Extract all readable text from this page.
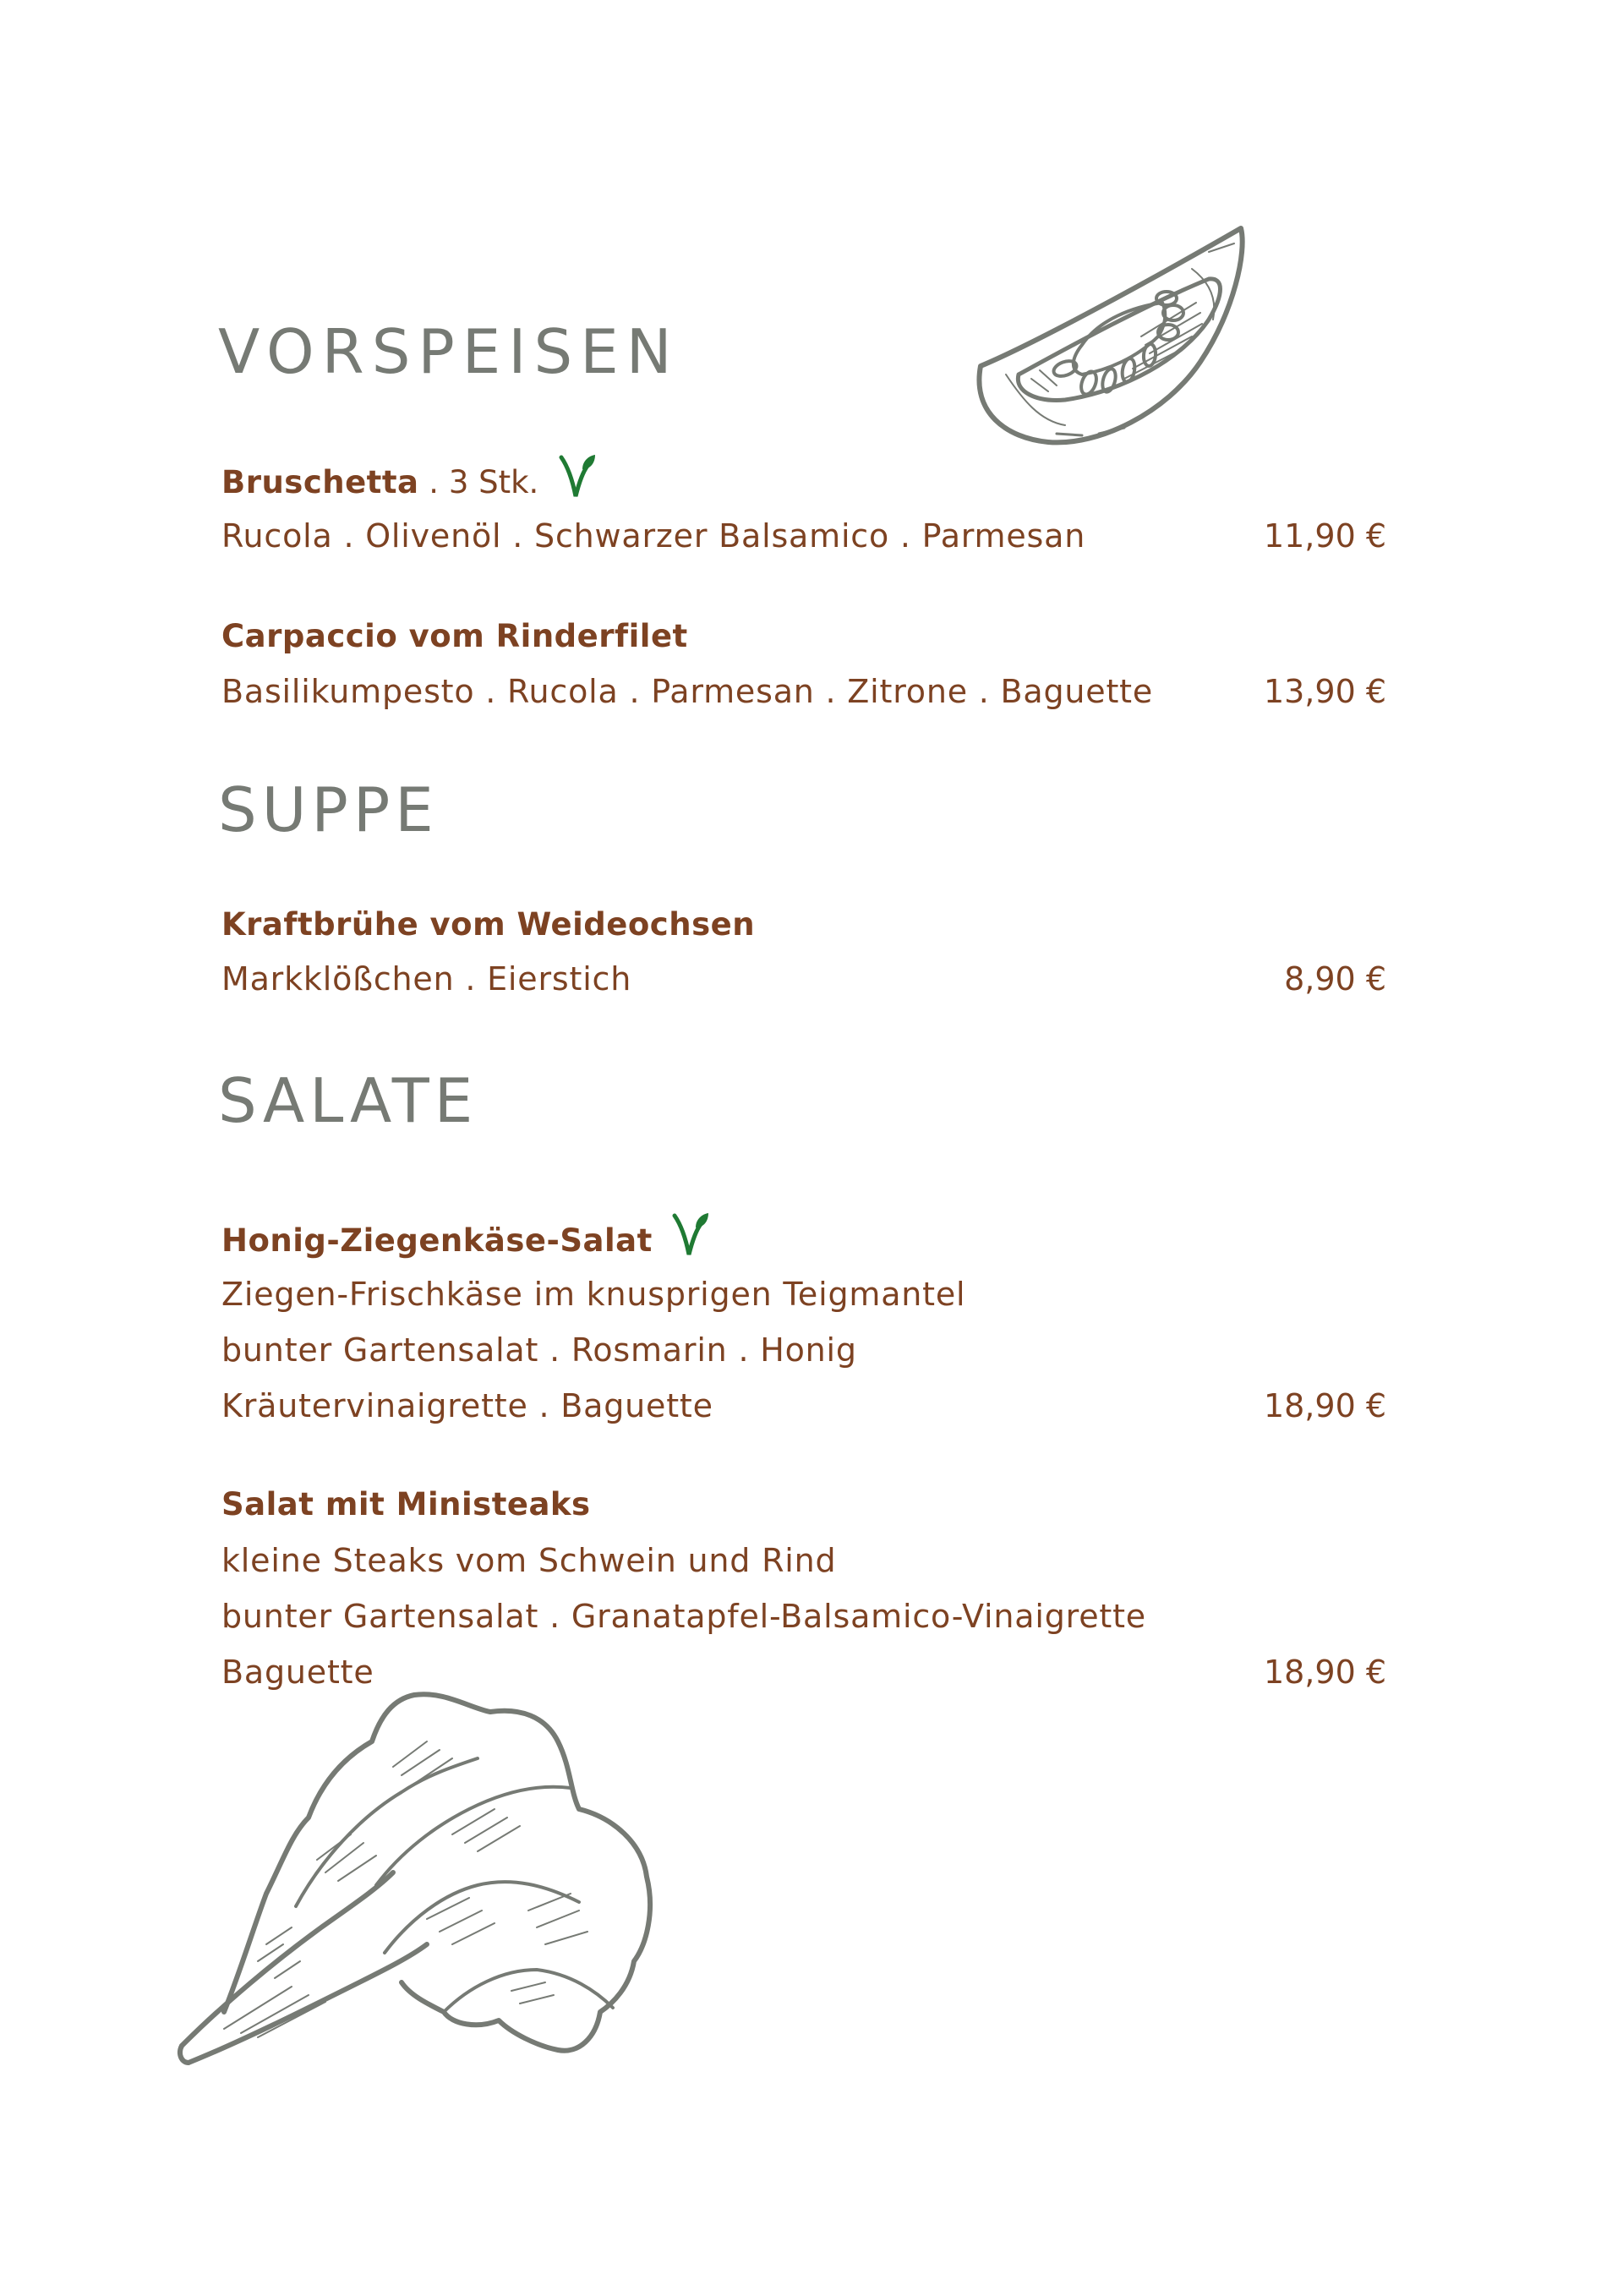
VORSPEISEN
Bruschetta . 3 Stk.
Rucola . Olivenöl . Schwarzer Balsamico . Parmesan	11,90 €
Carpaccio vom Rinderfilet
Basilikumpesto . Rucola . Parmesan . Zitrone . Baguette	13,90 €
SUPPE
Kraftbrühe vom Weideochsen
Markklößchen . Eierstich	8,90 €
SALATE
Honig-Ziegenkäse-Salat
Ziegen-Frischkäse im knusprigen Teigmantel
bunter Gartensalat . Rosmarin . Honig
Kräutervinaigrette . Baguette	18,90 €
Salat mit Ministeaks
kleine Steaks vom Schwein und Rind
bunter Gartensalat . Granatapfel-Balsamico-Vinaigrette
Baguette	18,90 €
